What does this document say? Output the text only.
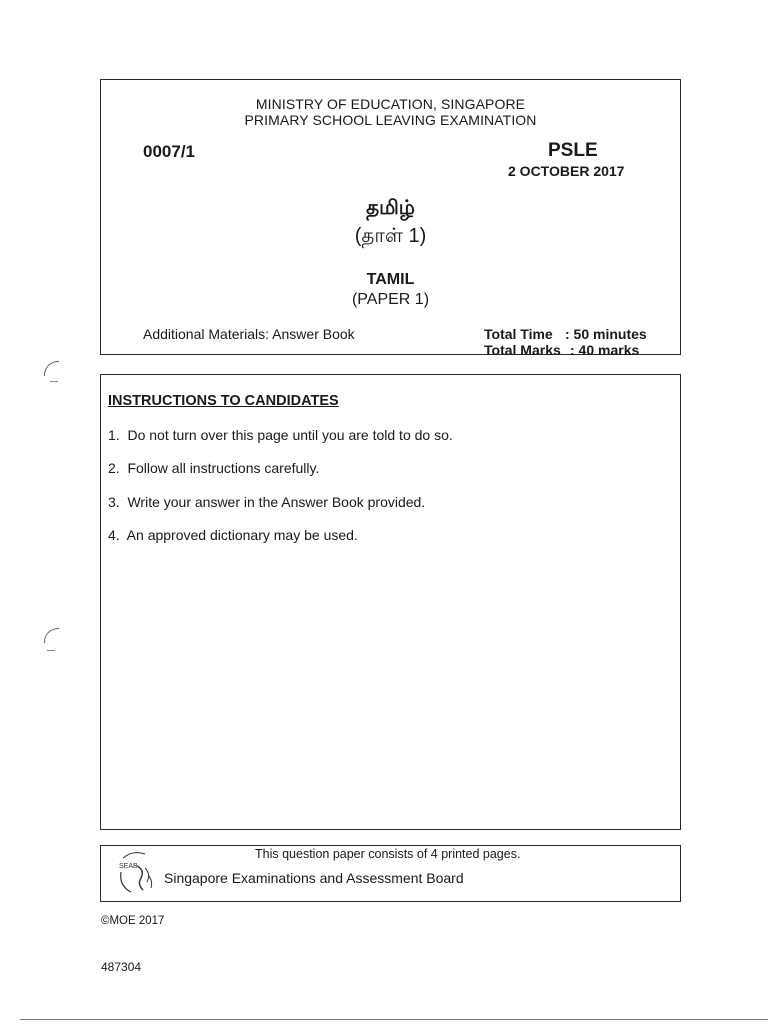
MINISTRY OF EDUCATION, SINGAPORE
PRIMARY SCHOOL LEAVING EXAMINATION
0007/1	PSLE
2 OCTOBER 2017
தமிழ்
(தாள் 1)
TAMIL
(PAPER 1)
Additional Materials: Answer Book	Total Time : 50 minutes
Total Marks : 40 marks
INSTRUCTIONS TO CANDIDATES
1.  Do not turn over this page until you are told to do so.
2.  Follow all instructions carefully.
3.  Write your answer in the Answer Book provided.
4.  An approved dictionary may be used.
This question paper consists of 4 printed pages.
SEAB
Singapore Examinations and Assessment Board
©MOE 2017
487304
